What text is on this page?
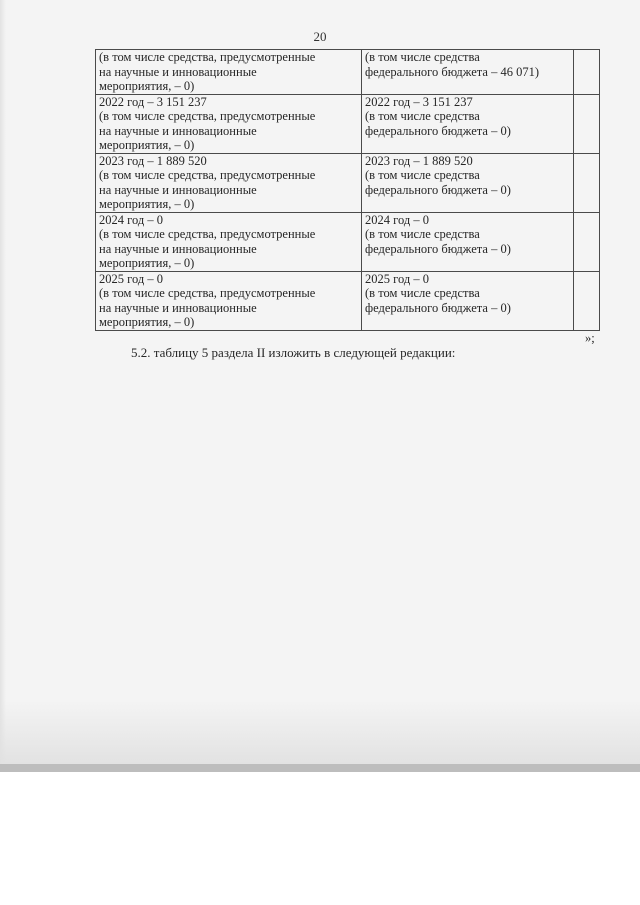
20
(в том числе средства, предусмотренные
на научные и инновационные
мероприятия, – 0)	(в том числе средства
федерального бюджета – 46 071)	

2022 год – 3 151 237
(в том числе средства, предусмотренные
на научные и инновационные
мероприятия, – 0)	2022 год – 3 151 237
(в том числе средства
федерального бюджета – 0)	

2023 год – 1 889 520
(в том числе средства, предусмотренные
на научные и инновационные
мероприятия, – 0)	2023 год – 1 889 520
(в том числе средства
федерального бюджета – 0)	

2024 год – 0
(в том числе средства, предусмотренные
на научные и инновационные
мероприятия, – 0)	2024 год – 0
(в том числе средства
федерального бюджета – 0)	

2025 год – 0
(в том числе средства, предусмотренные
на научные и инновационные
мероприятия, – 0)	2025 год – 0
(в том числе средства
федерального бюджета – 0)	

»;
5.2. таблицу 5 раздела II изложить в следующей редакции:
